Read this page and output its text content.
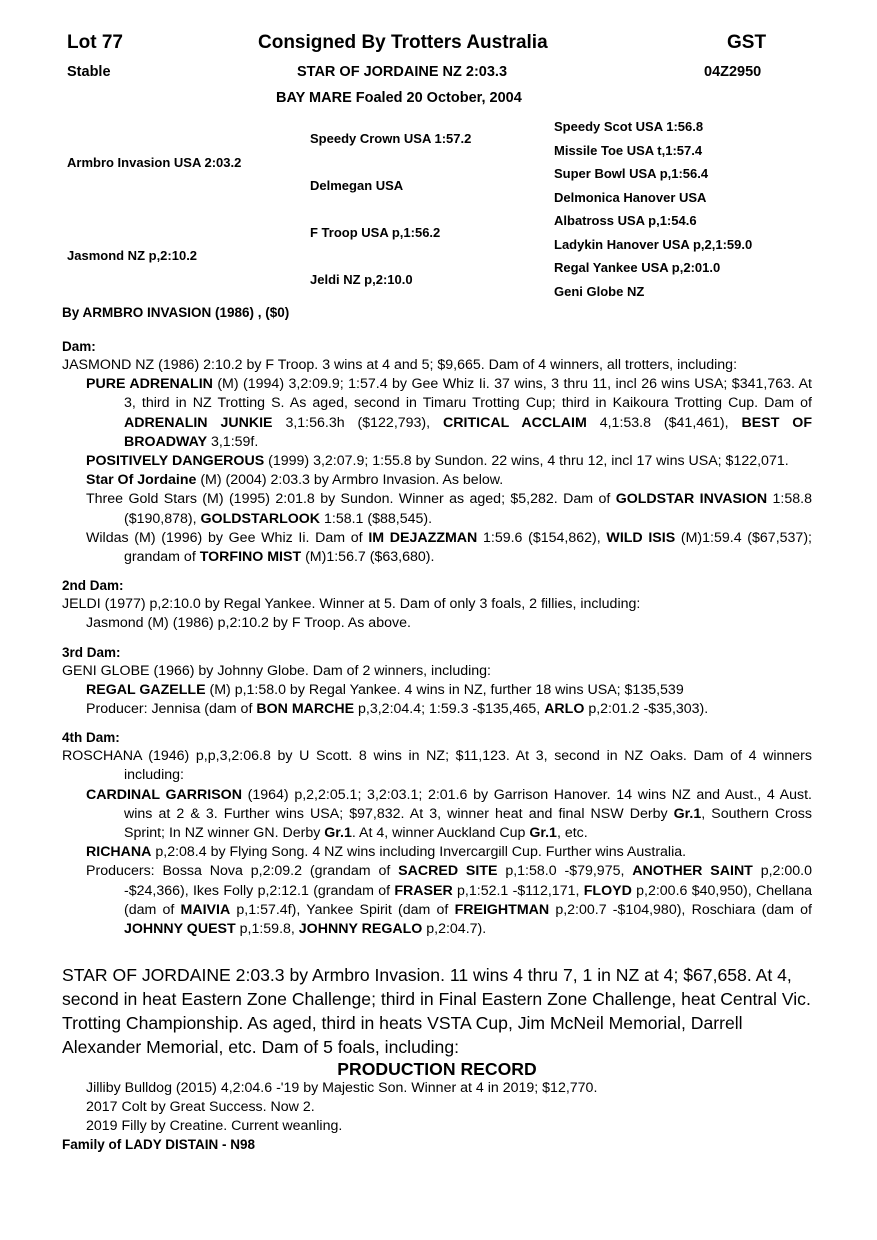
Lot 77	Consigned By Trotters Australia	GST
Stable	STAR OF JORDAINE NZ 2:03.3	04Z2950
BAY MARE Foaled 20 October, 2004
Armbro Invasion USA 2:03.2
Jasmond NZ p,2:10.2
Speedy Crown USA 1:57.2
Delmegan USA
F Troop USA p,1:56.2
Jeldi NZ p,2:10.0
Speedy Scot USA 1:56.8
Missile Toe USA t,1:57.4
Super Bowl USA p,1:56.4
Delmonica Hanover USA
Albatross USA p,1:54.6
Ladykin Hanover USA p,2,1:59.0
Regal Yankee USA p,2:01.0
Geni Globe NZ
By ARMBRO INVASION (1986) , ($0)
Dam:
JASMOND NZ (1986) 2:10.2 by F Troop. 3 wins at 4 and 5; $9,665. Dam of 4 winners, all trotters, including:
PURE ADRENALIN (M) (1994) 3,2:09.9; 1:57.4 by Gee Whiz Ii. 37 wins, 3 thru 11, incl 26 wins USA; $341,763. At 3, third in NZ Trotting S. As aged, second in Timaru Trotting Cup; third in Kaikoura Trotting Cup. Dam of ADRENALIN JUNKIE 3,1:56.3h ($122,793), CRITICAL ACCLAIM 4,1:53.8 ($41,461), BEST OF BROADWAY 3,1:59f.
POSITIVELY DANGEROUS (1999) 3,2:07.9; 1:55.8 by Sundon. 22 wins, 4 thru 12, incl 17 wins USA; $122,071.
Star Of Jordaine (M) (2004) 2:03.3 by Armbro Invasion. As below.
Three Gold Stars (M) (1995) 2:01.8 by Sundon. Winner as aged; $5,282. Dam of GOLDSTAR INVASION 1:58.8 ($190,878), GOLDSTARLOOK 1:58.1 ($88,545).
Wildas (M) (1996) by Gee Whiz Ii. Dam of IM DEJAZZMAN 1:59.6 ($154,862), WILD ISIS (M)1:59.4 ($67,537); grandam of TORFINO MIST (M)1:56.7 ($63,680).
2nd Dam:
JELDI (1977) p,2:10.0 by Regal Yankee. Winner at 5. Dam of only 3 foals, 2 fillies, including:
Jasmond (M) (1986) p,2:10.2 by F Troop. As above.
3rd Dam:
GENI GLOBE (1966) by Johnny Globe. Dam of 2 winners, including:
REGAL GAZELLE (M) p,1:58.0 by Regal Yankee. 4 wins in NZ, further 18 wins USA; $135,539
Producer: Jennisa (dam of BON MARCHE p,3,2:04.4; 1:59.3 -$135,465, ARLO p,2:01.2 -$35,303).
4th Dam:
ROSCHANA (1946) p,p,3,2:06.8 by U Scott. 8 wins in NZ; $11,123. At 3, second in NZ Oaks. Dam of 4 winners including:
CARDINAL GARRISON (1964) p,2,2:05.1; 3,2:03.1; 2:01.6 by Garrison Hanover. 14 wins NZ and Aust., 4 Aust. wins at 2 & 3. Further wins USA; $97,832. At 3, winner heat and final NSW Derby Gr.1, Southern Cross Sprint; In NZ winner GN. Derby Gr.1. At 4, winner Auckland Cup Gr.1, etc.
RICHANA p,2:08.4 by Flying Song. 4 NZ wins including Invercargill Cup. Further wins Australia.
Producers: Bossa Nova p,2:09.2 (grandam of SACRED SITE p,1:58.0 -$79,975, ANOTHER SAINT p,2:00.0 -$24,366), Ikes Folly p,2:12.1 (grandam of FRASER p,1:52.1 -$112,171, FLOYD p,2:00.6 $40,950), Chellana (dam of MAIVIA p,1:57.4f), Yankee Spirit (dam of FREIGHTMAN p,2:00.7 -$104,980), Roschiara (dam of JOHNNY QUEST p,1:59.8, JOHNNY REGALO p,2:04.7).
STAR OF JORDAINE 2:03.3 by Armbro Invasion. 11 wins 4 thru 7, 1 in NZ at 4; $67,658. At 4, second in heat Eastern Zone Challenge; third in Final Eastern Zone Challenge, heat Central Vic. Trotting Championship. As aged, third in heats VSTA Cup, Jim McNeil Memorial, Darrell Alexander Memorial, etc. Dam of 5 foals, including:
PRODUCTION RECORD
Jilliby Bulldog (2015) 4,2:04.6 -'19 by Majestic Son. Winner at 4 in 2019; $12,770.
2017 Colt by Great Success. Now 2.
2019 Filly by Creatine. Current weanling.
Family of LADY DISTAIN - N98
